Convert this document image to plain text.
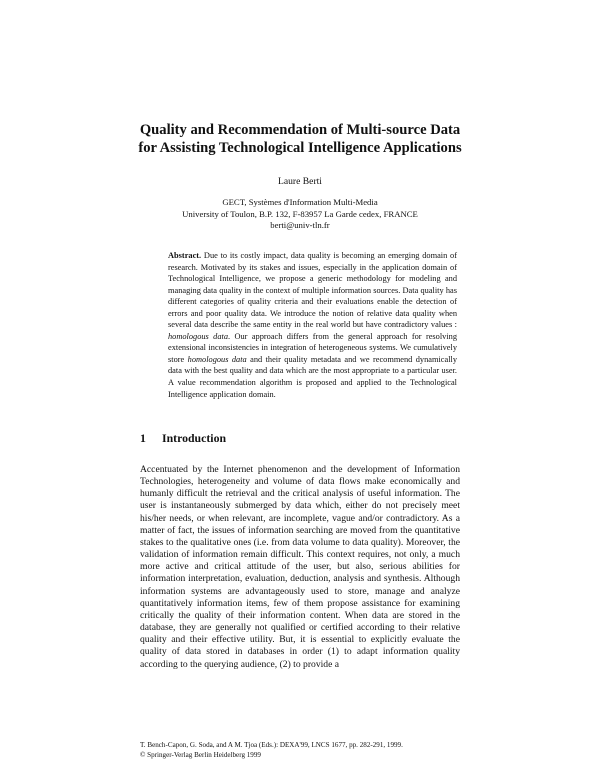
Quality and Recommendation of Multi-source Data
for Assisting Technological Intelligence Applications
Laure Berti
GECT, Systèmes d'Information Multi-Media
University of Toulon, B.P. 132, F-83957 La Garde cedex, FRANCE
berti@univ-tln.fr
Abstract. Due to its costly impact, data quality is becoming an emerging domain of research. Motivated by its stakes and issues, especially in the application domain of Technological Intelligence, we propose a generic methodology for modeling and managing data quality in the context of multiple information sources. Data quality has different categories of quality criteria and their evaluations enable the detection of errors and poor quality data. We introduce the notion of relative data quality when several data describe the same entity in the real world but have contradictory values : homologous data. Our approach differs from the general approach for resolving extensional inconsistencies in integration of heterogeneous systems. We cumulatively store homologous data and their quality metadata and we recommend dynamically data with the best quality and data which are the most appropriate to a particular user. A value recommendation algorithm is proposed and applied to the Technological Intelligence application domain.
1 Introduction
Accentuated by the Internet phenomenon and the development of Information Technologies, heterogeneity and volume of data flows make economically and humanly difficult the retrieval and the critical analysis of useful information. The user is instantaneously submerged by data which, either do not precisely meet his/her needs, or when relevant, are incomplete, vague and/or contradictory. As a matter of fact, the issues of information searching are moved from the quantitative stakes to the qualitative ones (i.e. from data volume to data quality). Moreover, the validation of information remain difficult. This context requires, not only, a much more active and critical attitude of the user, but also, serious abilities for information interpretation, evaluation, deduction, analysis and synthesis. Although information systems are advantageously used to store, manage and analyze quantitatively information items, few of them propose assistance for examining critically the quality of their information content. When data are stored in the database, they are generally not qualified or certified according to their relative quality and their effective utility. But, it is essential to explicitly evaluate the quality of data stored in databases in order (1) to adapt information quality according to the querying audience, (2) to provide a
T. Bench-Capon, G. Soda, and A M. Tjoa (Eds.): DEXA'99, LNCS 1677, pp. 282-291, 1999.
© Springer-Verlag Berlin Heidelberg 1999
